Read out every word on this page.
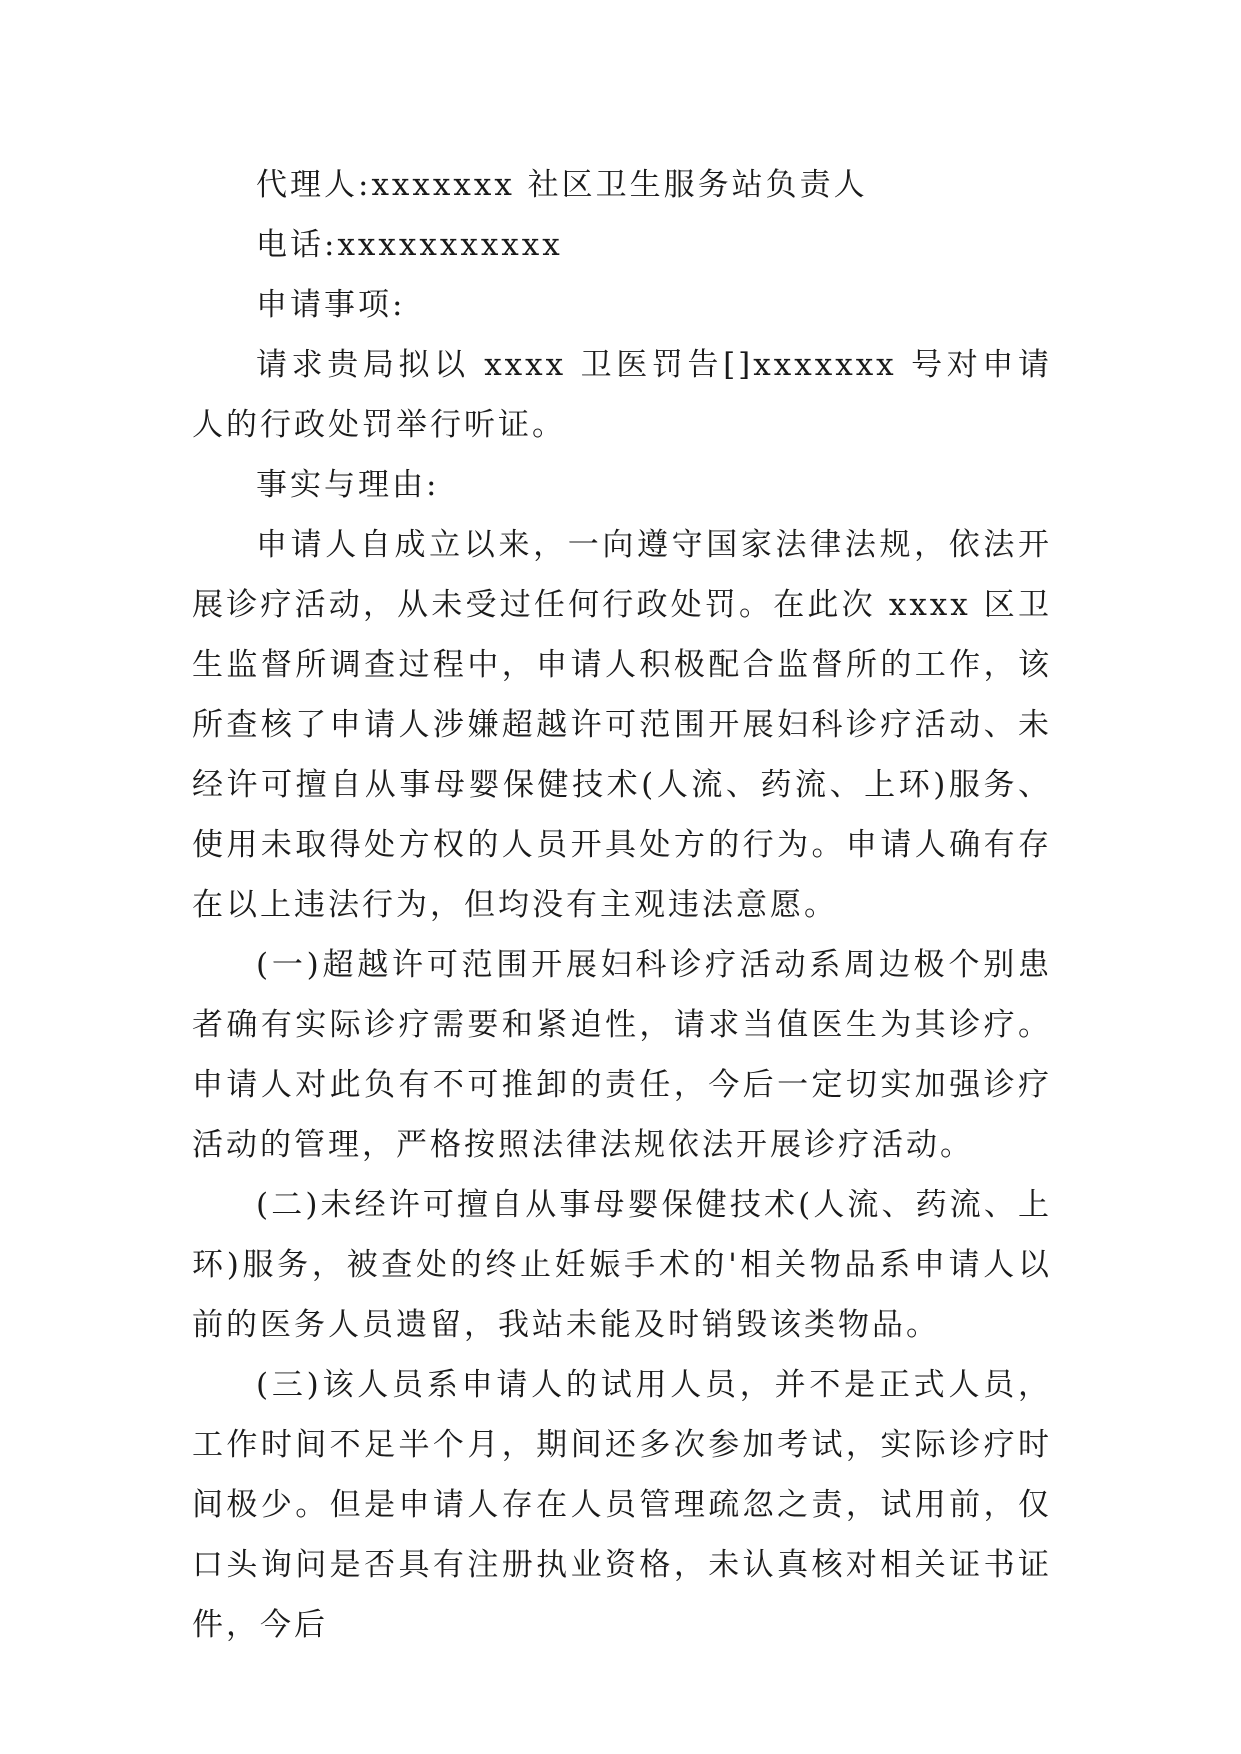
代理人:xxxxxxx 社区卫生服务站负责人

电话:xxxxxxxxxxx

申请事项:

请求贵局拟以 xxxx 卫医罚告[]xxxxxxx 号对申请人的行政处罚举行听证。

事实与理由:

申请人自成立以来，一向遵守国家法律法规，依法开展诊疗活动，从未受过任何行政处罚。在此次 xxxx 区卫生监督所调查过程中，申请人积极配合监督所的工作，该所查核了申请人涉嫌超越许可范围开展妇科诊疗活动、未经许可擅自从事母婴保健技术(人流、药流、上环)服务、使用未取得处方权的人员开具处方的行为。申请人确有存在以上违法行为，但均没有主观违法意愿。

(一)超越许可范围开展妇科诊疗活动系周边极个别患者确有实际诊疗需要和紧迫性，请求当值医生为其诊疗。申请人对此负有不可推卸的责任，今后一定切实加强诊疗活动的管理，严格按照法律法规依法开展诊疗活动。

(二)未经许可擅自从事母婴保健技术(人流、药流、上环)服务，被查处的终止妊娠手术的'相关物品系申请人以前的医务人员遗留，我站未能及时销毁该类物品。

(三)该人员系申请人的试用人员，并不是正式人员，工作时间不足半个月，期间还多次参加考试，实际诊疗时间极少。但是申请人存在人员管理疏忽之责，试用前，仅口头询问是否具有注册执业资格，未认真核对相关证书证件，今后
